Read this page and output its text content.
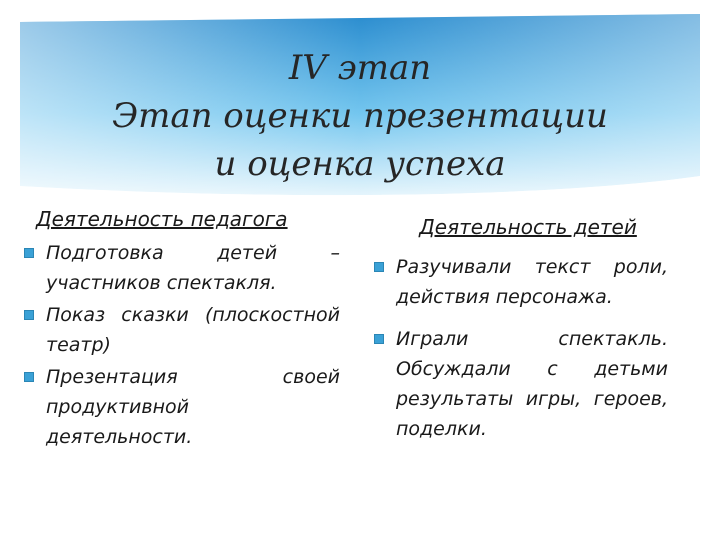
IV этап
Этап оценки презентации
и оценка успеха
Деятельность педагога
Подготовка детей – участников спектакля.
Показ сказки (плоскостной театр)
Презентация своей продуктивной деятельности.
Деятельность детей
Разучивали текст роли, действия персонажа.
Играли спектакль. Обсуждали с детьми результаты игры, героев, поделки.
